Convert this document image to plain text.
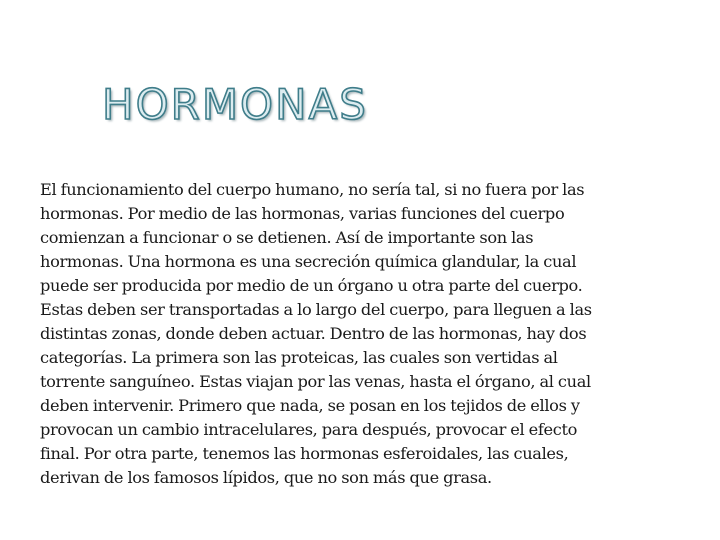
HORMONAS

El funcionamiento del cuerpo humano, no sería tal, si no fuera por las hormonas. Por medio de las hormonas, varias funciones del cuerpo comienzan a funcionar o se detienen. Así de importante son las hormonas. Una hormona es una secreción química glandular, la cual puede ser producida por medio de un órgano u otra parte del cuerpo. Estas deben ser transportadas a lo largo del cuerpo, para lleguen a las distintas zonas, donde deben actuar. Dentro de las hormonas, hay dos categorías. La primera son las proteicas, las cuales son vertidas al torrente sanguíneo. Estas viajan por las venas, hasta el órgano, al cual deben intervenir. Primero que nada, se posan en los tejidos de ellos y provocan un cambio intracelulares, para después, provocar el efecto final. Por otra parte, tenemos las hormonas esferoidales, las cuales, derivan de los famosos lípidos, que no son más que grasa.
